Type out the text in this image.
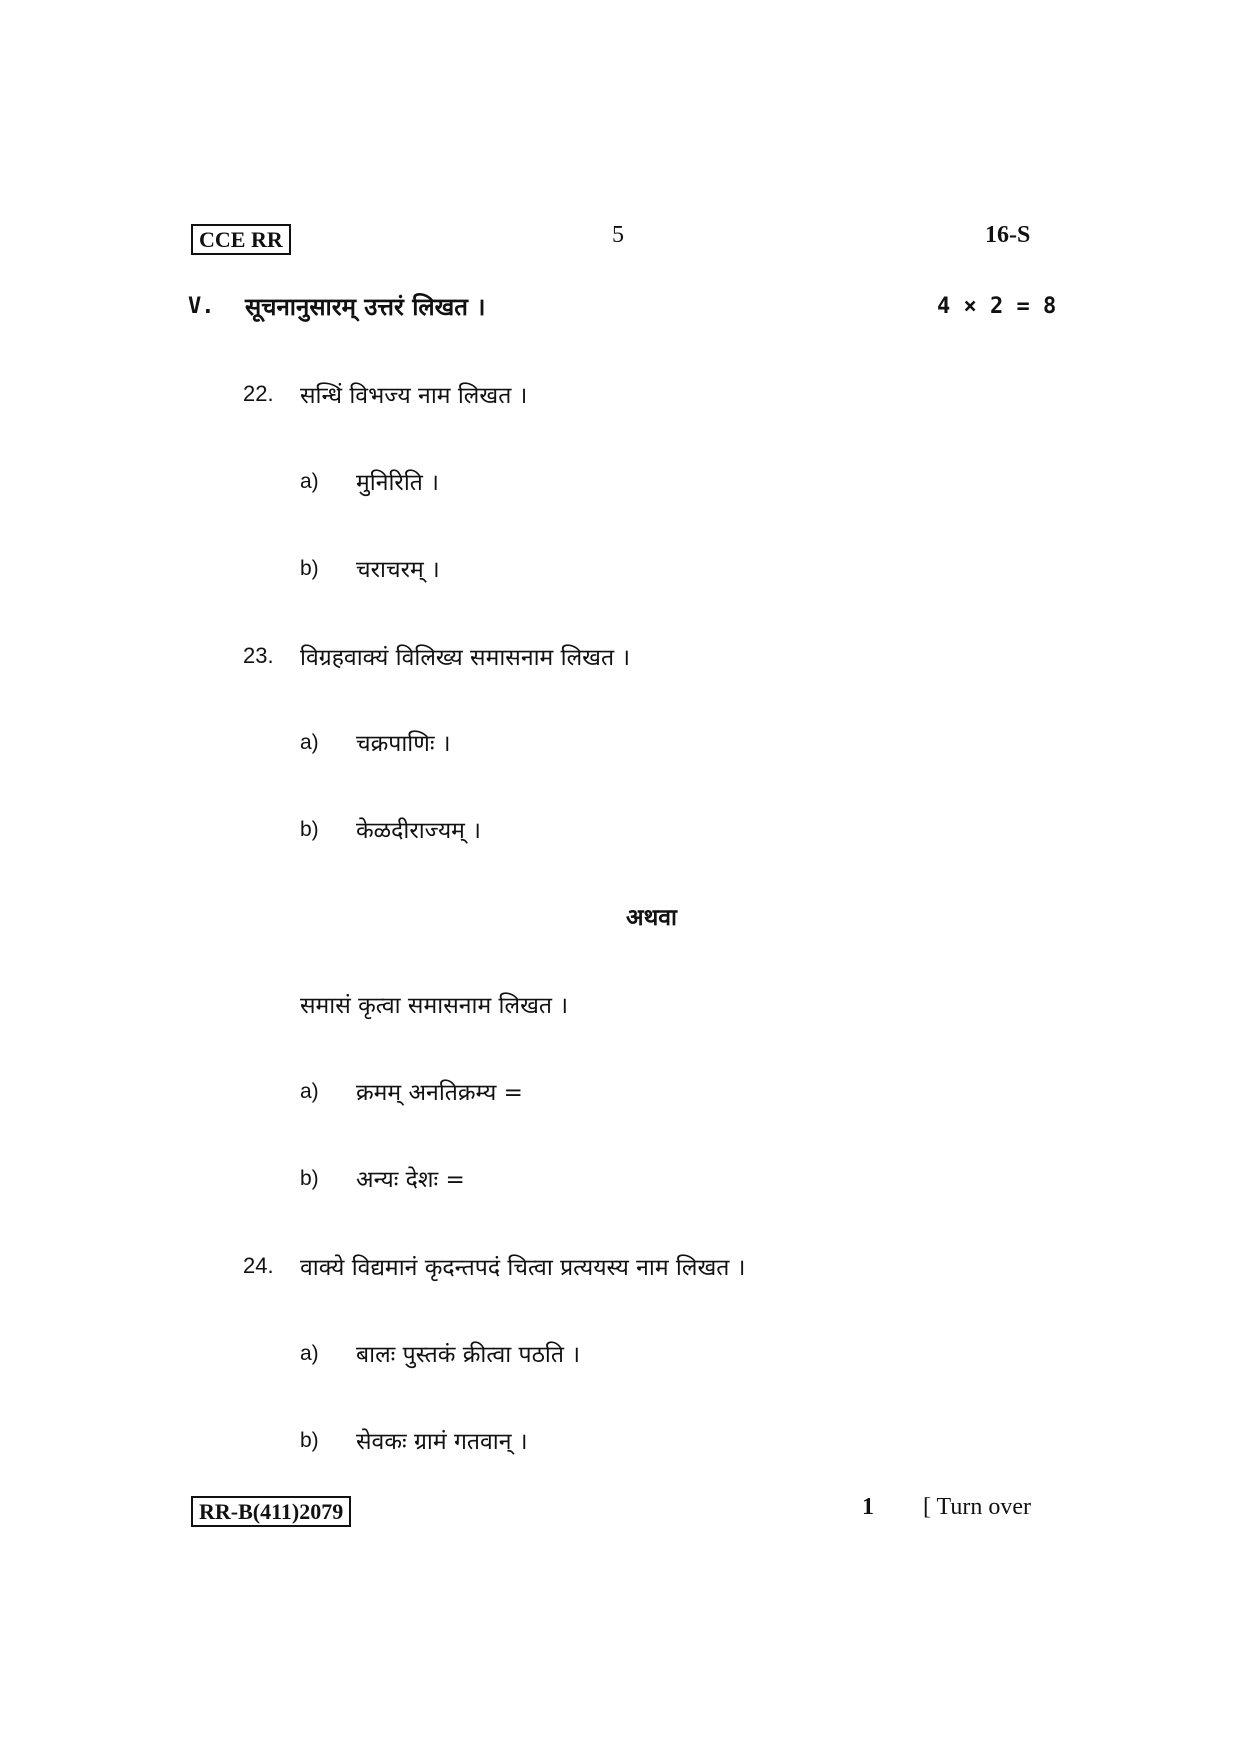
CCE RR	5	16-S
V. सूचनानुसारम् उत्तरं लिखत ।	4 × 2 = 8
22. सन्धिं विभज्य नाम लिखत ।
a) मुनिरिति ।
b) चराचरम् ।
23. विग्रहवाक्यं विलिख्य समासनाम लिखत ।
a) चक्रपाणिः ।
b) केळदीराज्यम् ।
अथवा
समासं कृत्वा समासनाम लिखत ।
a) क्रमम् अनतिक्रम्य =
b) अन्यः देशः =
24. वाक्ये विद्यमानं कृदन्तपदं चित्वा प्रत्ययस्य नाम लिखत ।
a) बालः पुस्तकं क्रीत्वा पठति ।
b) सेवकः ग्रामं गतवान् ।
RR-B(411)2079	1 [ Turn over
